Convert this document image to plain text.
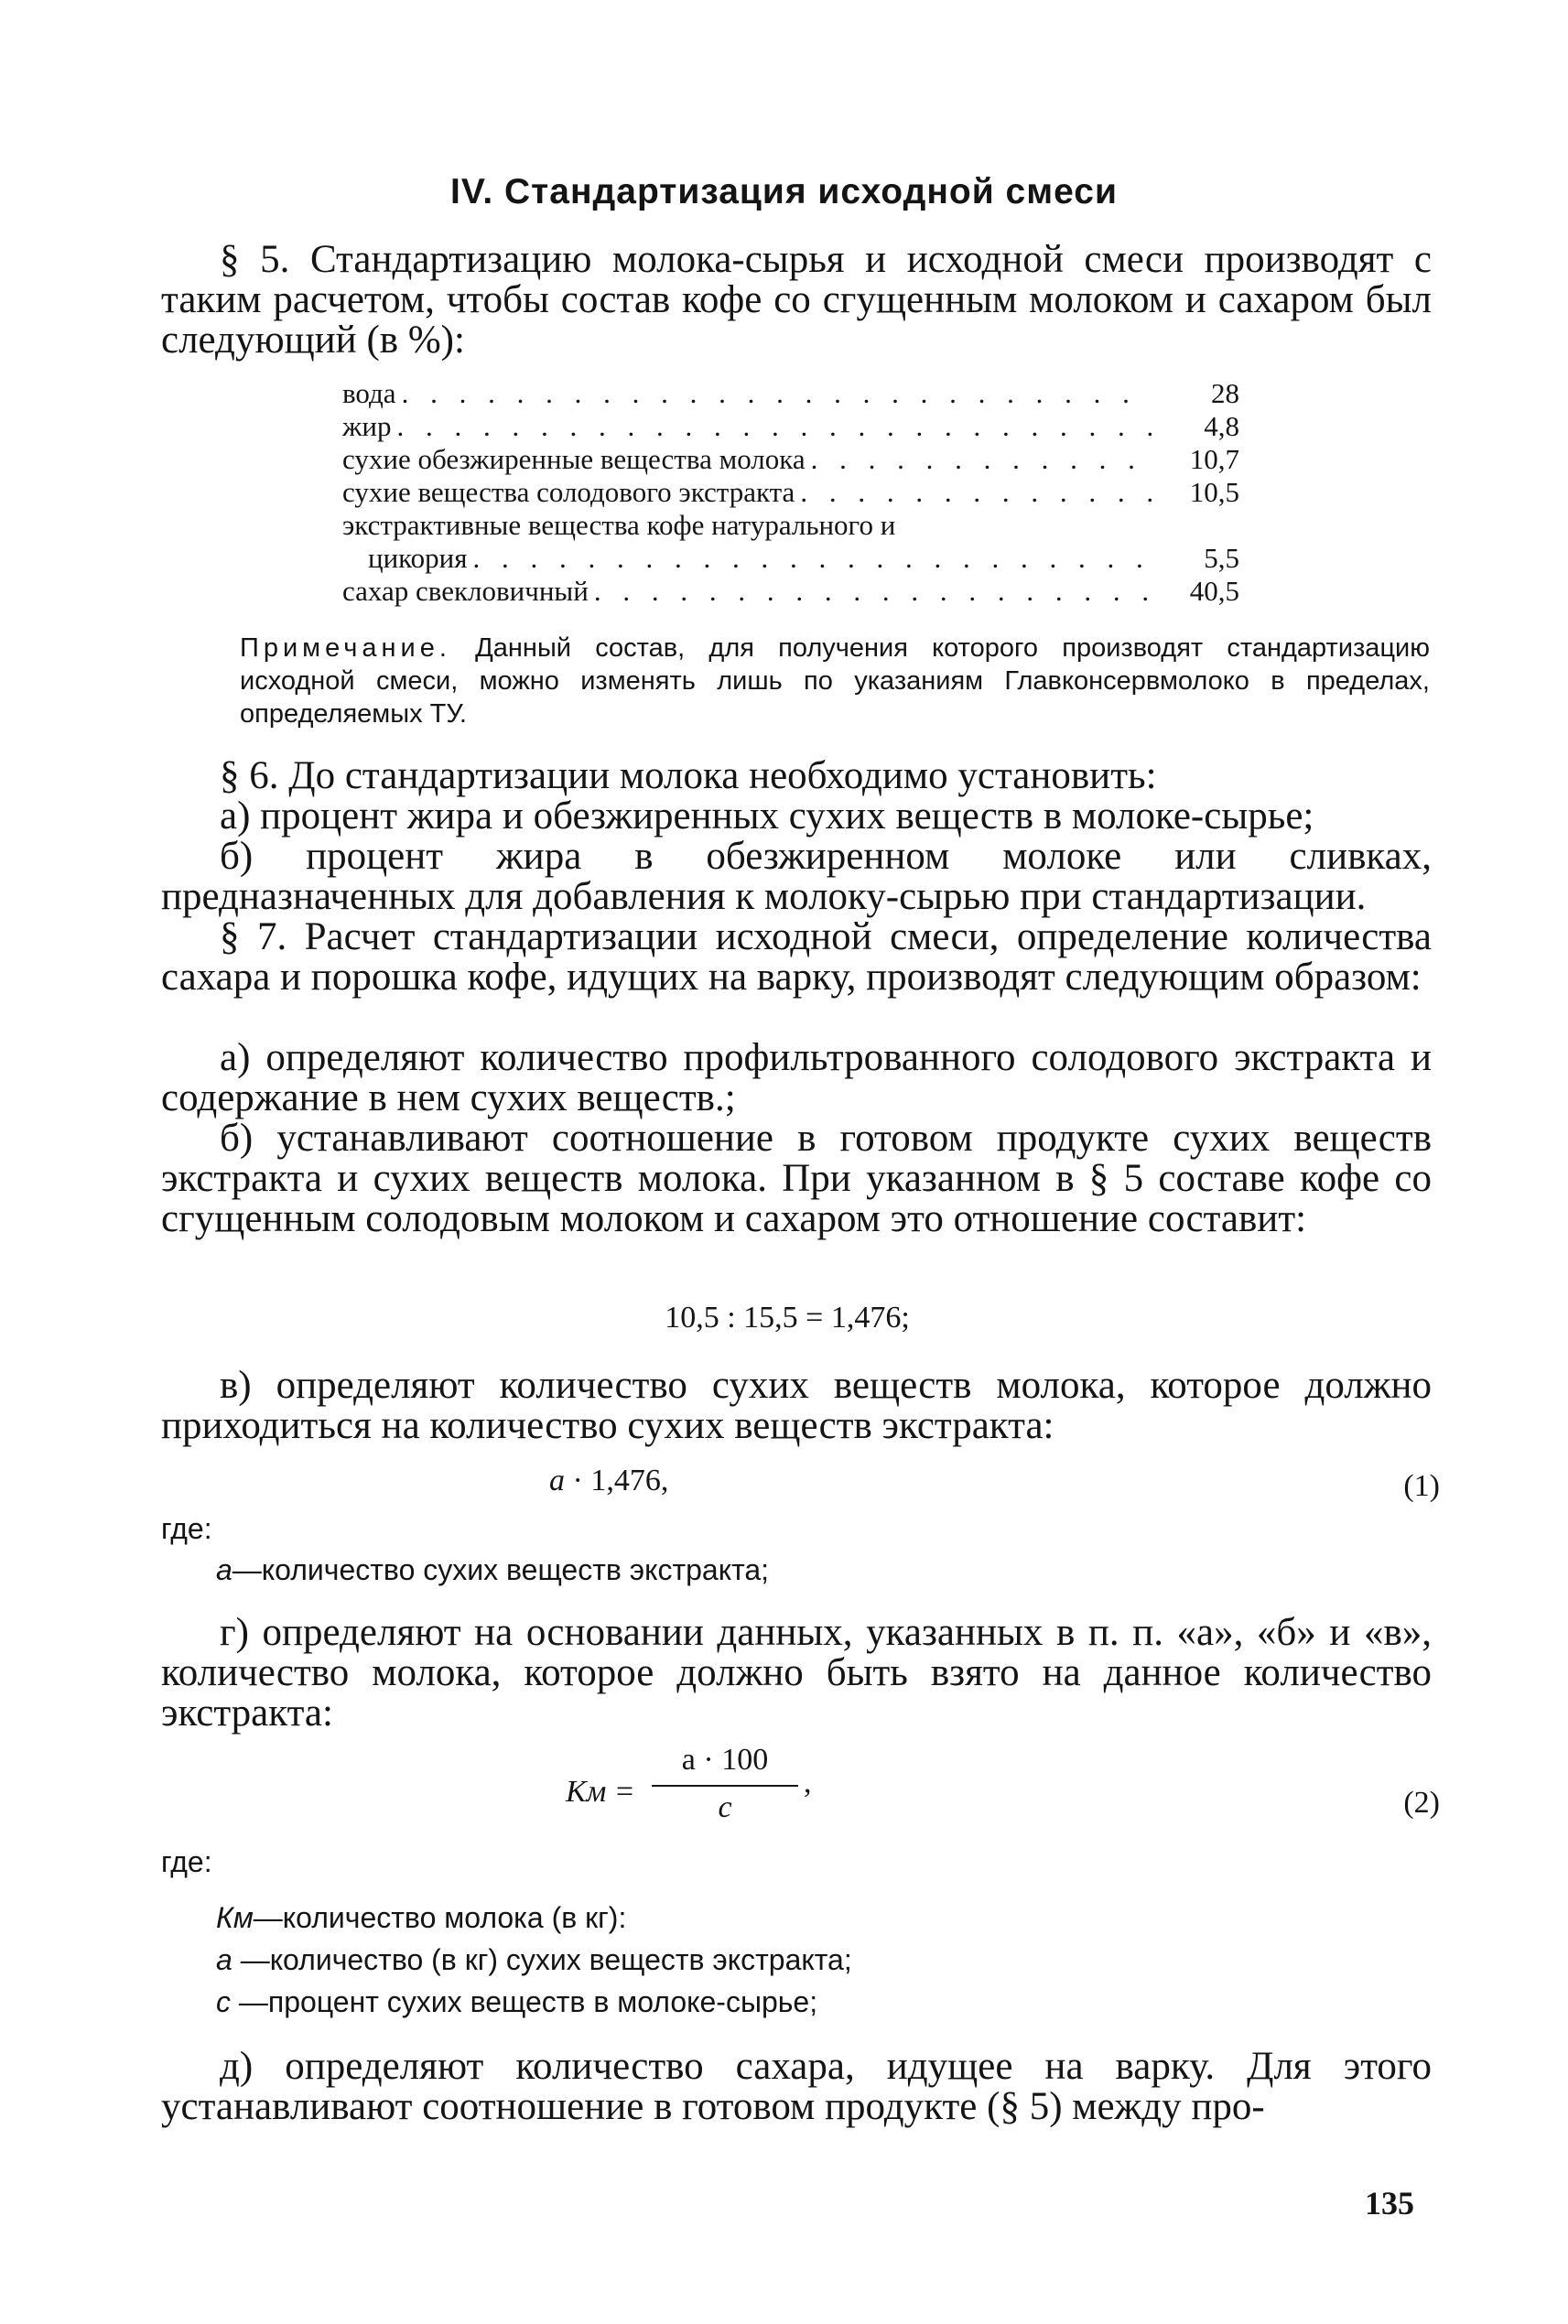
IV. Стандартизация исходной смеси
§ 5. Стандартизацию молока-сырья и исходной смеси производят с таким расчетом, чтобы состав кофе со сгущенным молоком и сахаром был следующий (в %):
вода . . .	28
жир . . .	4,8
сухие обезжиренные вещества молока . . .	10,7
сухие вещества солодового экстракта . . .	10,5
экстрактивные вещества кофе натурального и
цикория . . .	5,5
сахар свекловичный . . .	40,5
Примечание. Данный состав, для получения которого производят стандартизацию исходной смеси, можно изменять лишь по указаниям Главконсервмолоко в пределах, определяемых ТУ.
§ 6. До стандартизации молока необходимо установить:
а) процент жира и обезжиренных сухих веществ в молоке-сырье;
б) процент жира в обезжиренном молоке или сливках, предназначенных для добавления к молоку-сырью при стандартизации.
§ 7. Расчет стандартизации исходной смеси, определение количества сахара и порошка кофе, идущих на варку, производят следующим образом:
а) определяют количество профильтрованного солодового экстракта и содержание в нем сухих веществ.;
б) устанавливают соотношение в готовом продукте сухих веществ экстракта и сухих веществ молока. При указанном в § 5 составе кофе со сгущенным солодовым молоком и сахаром это отношение составит:
10,5 : 15,5 = 1,476;
в) определяют количество сухих веществ молока, которое должно приходиться на количество сухих веществ экстракта:
a · 1,476,	(1)
где:
a—количество сухих веществ экстракта;
г) определяют на основании данных, указанных в п. п. «а», «б» и «в», количество молока, которое должно быть взято на данное количество экстракта:
Км =
a · 100
c
,
(2)
где:
Км—количество молока (в кг):
a —количество (в кг) сухих веществ экстракта;
c —процент сухих веществ в молоке-сырье;
д) определяют количество сахара, идущее на варку. Для этого устанавливают соотношение в готовом продукте (§ 5) между про-
135
